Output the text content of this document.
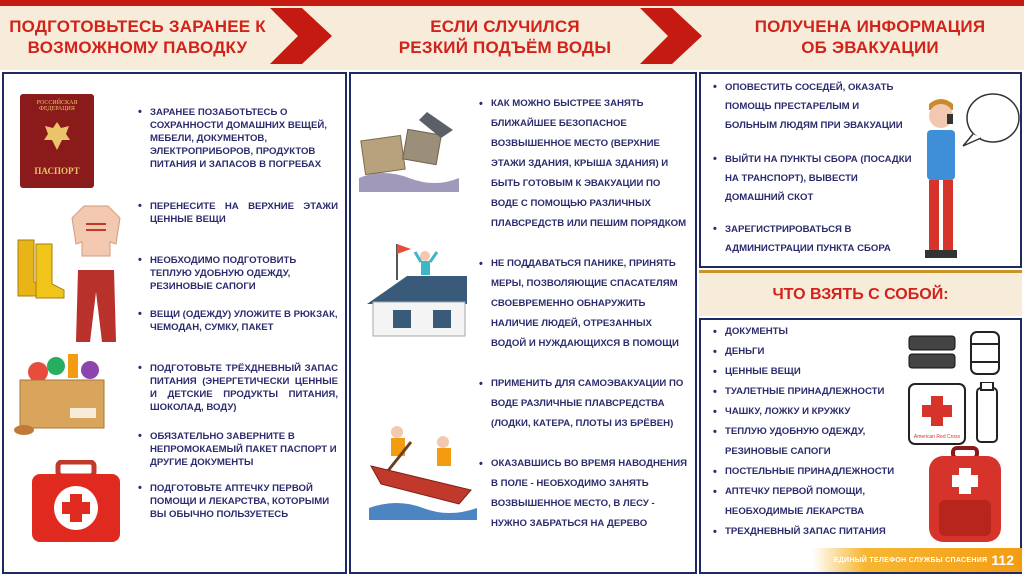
ПОДГОТОВЬТЕСЬ ЗАРАНЕЕ К
ВОЗМОЖНОМУ ПАВОДКУ
ЕСЛИ СЛУЧИЛСЯ
РЕЗКИЙ ПОДЪЁМ ВОДЫ
ПОЛУЧЕНА ИНФОРМАЦИЯ
ОБ ЭВАКУАЦИИ
РОССИЙСКАЯ ФЕДЕРАЦИЯ
ПАСПОРТ
• ЗАРАНЕЕ ПОЗАБОТЬТЕСЬ О СОХРАННОСТИ ДОМАШНИХ ВЕЩЕЙ, МЕБЕЛИ, ДОКУМЕНТОВ, ЭЛЕКТРОПРИБОРОВ, ПРОДУКТОВ ПИТАНИЯ И ЗАПАСОВ В ПОГРЕБАХ
• ПЕРЕНЕСИТЕ НА ВЕРХНИЕ ЭТАЖИ ЦЕННЫЕ ВЕЩИ
• НЕОБХОДИМО ПОДГОТОВИТЬ ТЕПЛУЮ УДОБНУЮ ОДЕЖДУ, РЕЗИНОВЫЕ САПОГИ
• ВЕЩИ (ОДЕЖДУ) УЛОЖИТЕ В РЮКЗАК, ЧЕМОДАН, СУМКУ, ПАКЕТ
• ПОДГОТОВЬТЕ ТРЁХДНЕВНЫЙ ЗАПАС ПИТАНИЯ (ЭНЕРГЕТИЧЕСКИ ЦЕННЫЕ И ДЕТСКИЕ ПРОДУКТЫ ПИТАНИЯ, ШОКОЛАД, ВОДУ)
• ОБЯЗАТЕЛЬНО ЗАВЕРНИТЕ В НЕПРОМОКАЕМЫЙ ПАКЕТ ПАСПОРТ И ДРУГИЕ ДОКУМЕНТЫ
• ПОДГОТОВЬТЕ АПТЕЧКУ ПЕРВОЙ ПОМОЩИ И ЛЕКАРСТВА, КОТОРЫМИ ВЫ ОБЫЧНО ПОЛЬЗУЕТЕСЬ
• КАК МОЖНО БЫСТРЕЕ ЗАНЯТЬ БЛИЖАЙШЕЕ БЕЗОПАСНОЕ ВОЗВЫШЕННОЕ МЕСТО (ВЕРХНИЕ ЭТАЖИ ЗДАНИЯ, КРЫША ЗДАНИЯ) И БЫТЬ ГОТОВЫМ К ЭВАКУАЦИИ ПО ВОДЕ С ПОМОЩЬЮ РАЗЛИЧНЫХ ПЛАВСРЕДСТВ ИЛИ ПЕШИМ ПОРЯДКОМ
• НЕ ПОДДАВАТЬСЯ ПАНИКЕ, ПРИНЯТЬ МЕРЫ, ПОЗВОЛЯЮЩИЕ СПАСАТЕЛЯМ СВОЕВРЕМЕННО ОБНАРУЖИТЬ НАЛИЧИЕ ЛЮДЕЙ, ОТРЕЗАННЫХ ВОДОЙ И НУЖДАЮЩИХСЯ В ПОМОЩИ
• ПРИМЕНИТЬ ДЛЯ САМОЭВАКУАЦИИ ПО ВОДЕ РАЗЛИЧНЫЕ ПЛАВСРЕДСТВА (ЛОДКИ, КАТЕРА, ПЛОТЫ ИЗ БРЁВЕН)
• ОКАЗАВШИСЬ ВО ВРЕМЯ НАВОДНЕНИЯ В ПОЛЕ - НЕОБХОДИМО ЗАНЯТЬ ВОЗВЫШЕННОЕ МЕСТО, В ЛЕСУ - НУЖНО ЗАБРАТЬСЯ НА ДЕРЕВО
• ОПОВЕСТИТЬ СОСЕДЕЙ, ОКАЗАТЬ ПОМОЩЬ ПРЕСТАРЕЛЫМ И БОЛЬНЫМ ЛЮДЯМ ПРИ ЭВАКУАЦИИ
• ВЫЙТИ НА ПУНКТЫ СБОРА (ПОСАДКИ НА ТРАНСПОРТ), ВЫВЕСТИ ДОМАШНИЙ СКОТ
• ЗАРЕГИСТРИРОВАТЬСЯ В АДМИНИСТРАЦИИ ПУНКТА СБОРА
ЧТО ВЗЯТЬ С СОБОЙ:
American Red Cross
• ДОКУМЕНТЫ
• ДЕНЬГИ
• ЦЕННЫЕ ВЕЩИ
• ТУАЛЕТНЫЕ ПРИНАДЛЕЖНОСТИ
• ЧАШКУ, ЛОЖКУ И КРУЖКУ
• ТЕПЛУЮ УДОБНУЮ ОДЕЖДУ, РЕЗИНОВЫЕ САПОГИ
• ПОСТЕЛЬНЫЕ ПРИНАДЛЕЖНОСТИ
• АПТЕЧКУ ПЕРВОЙ ПОМОЩИ, НЕОБХОДИМЫЕ ЛЕКАРСТВА
• ТРЕХДНЕВНЫЙ ЗАПАС ПИТАНИЯ
ЕДИНЫЙ ТЕЛЕФОН СЛУЖБЫ СПАСЕНИЯ 112
